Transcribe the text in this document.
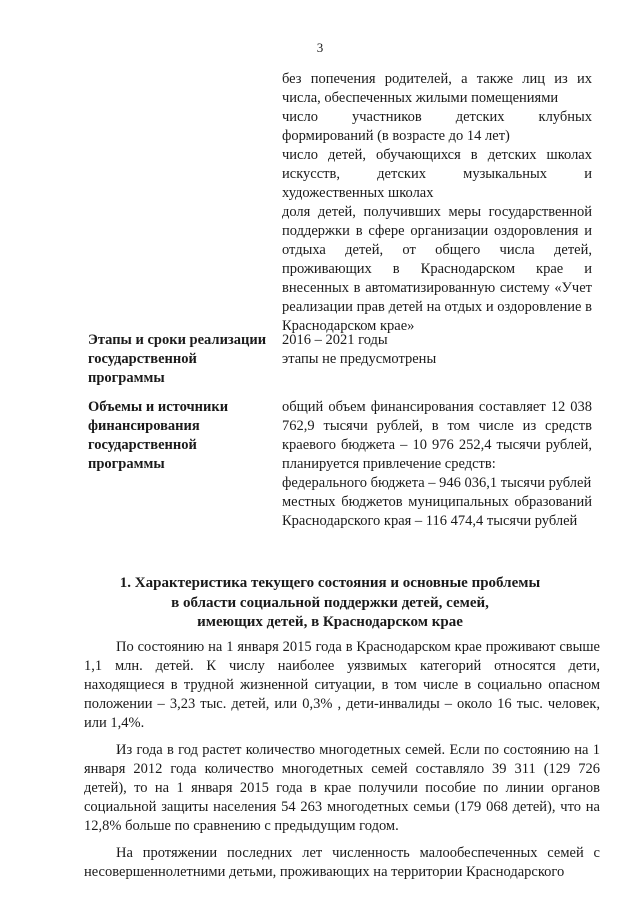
3

без попечения родителей, а также лиц из их числа, обеспеченных жилыми помещениями

число участников детских клубных формирований (в возрасте до 14 лет)

число детей, обучающихся в детских школах искусств, детских музыкальных и художественных школах

доля детей, получивших меры государственной поддержки в сфере организации оздоровления и отдыха детей, от общего числа детей, проживающих в Краснодарском крае и внесенных в автоматизированную систему «Учет реализации прав детей на отдых и оздоровление в Краснодарском крае»

Этапы и сроки реализации государственной программы

2016 – 2021 годы

этапы не предусмотрены

Объемы и источники финансирования государственной программы

общий объем финансирования составляет 12 038 762,9 тысячи рублей, в том числе из средств краевого бюджета – 10 976 252,4 тысячи рублей, планируется привлечение средств:

федерального бюджета – 946 036,1 тысячи рублей

местных бюджетов муниципальных образований Краснодарского края – 116 474,4 тысячи рублей

1. Характеристика текущего состояния и основные проблемы

в области социальной поддержки детей, семей,

имеющих детей, в Краснодарском крае

По состоянию на 1 января 2015 года в Краснодарском крае проживают свыше 1,1 млн. детей. К числу наиболее уязвимых категорий относятся дети, находящиеся в трудной жизненной ситуации, в том числе в социально опасном положении – 3,23 тыс. детей, или 0,3% , дети-инвалиды – около 16 тыс. человек, или 1,4%.

Из года в год растет количество многодетных семей. Если по состоянию на 1 января 2012 года количество многодетных семей составляло 39 311 (129 726 детей), то на 1 января 2015 года в крае получили пособие по линии органов социальной защиты населения 54 263 многодетных семьи (179 068 детей), что на 12,8% больше по сравнению с предыдущим годом.

На протяжении последних лет численность малообеспеченных семей с несовершеннолетними детьми, проживающих на территории Краснодарского
